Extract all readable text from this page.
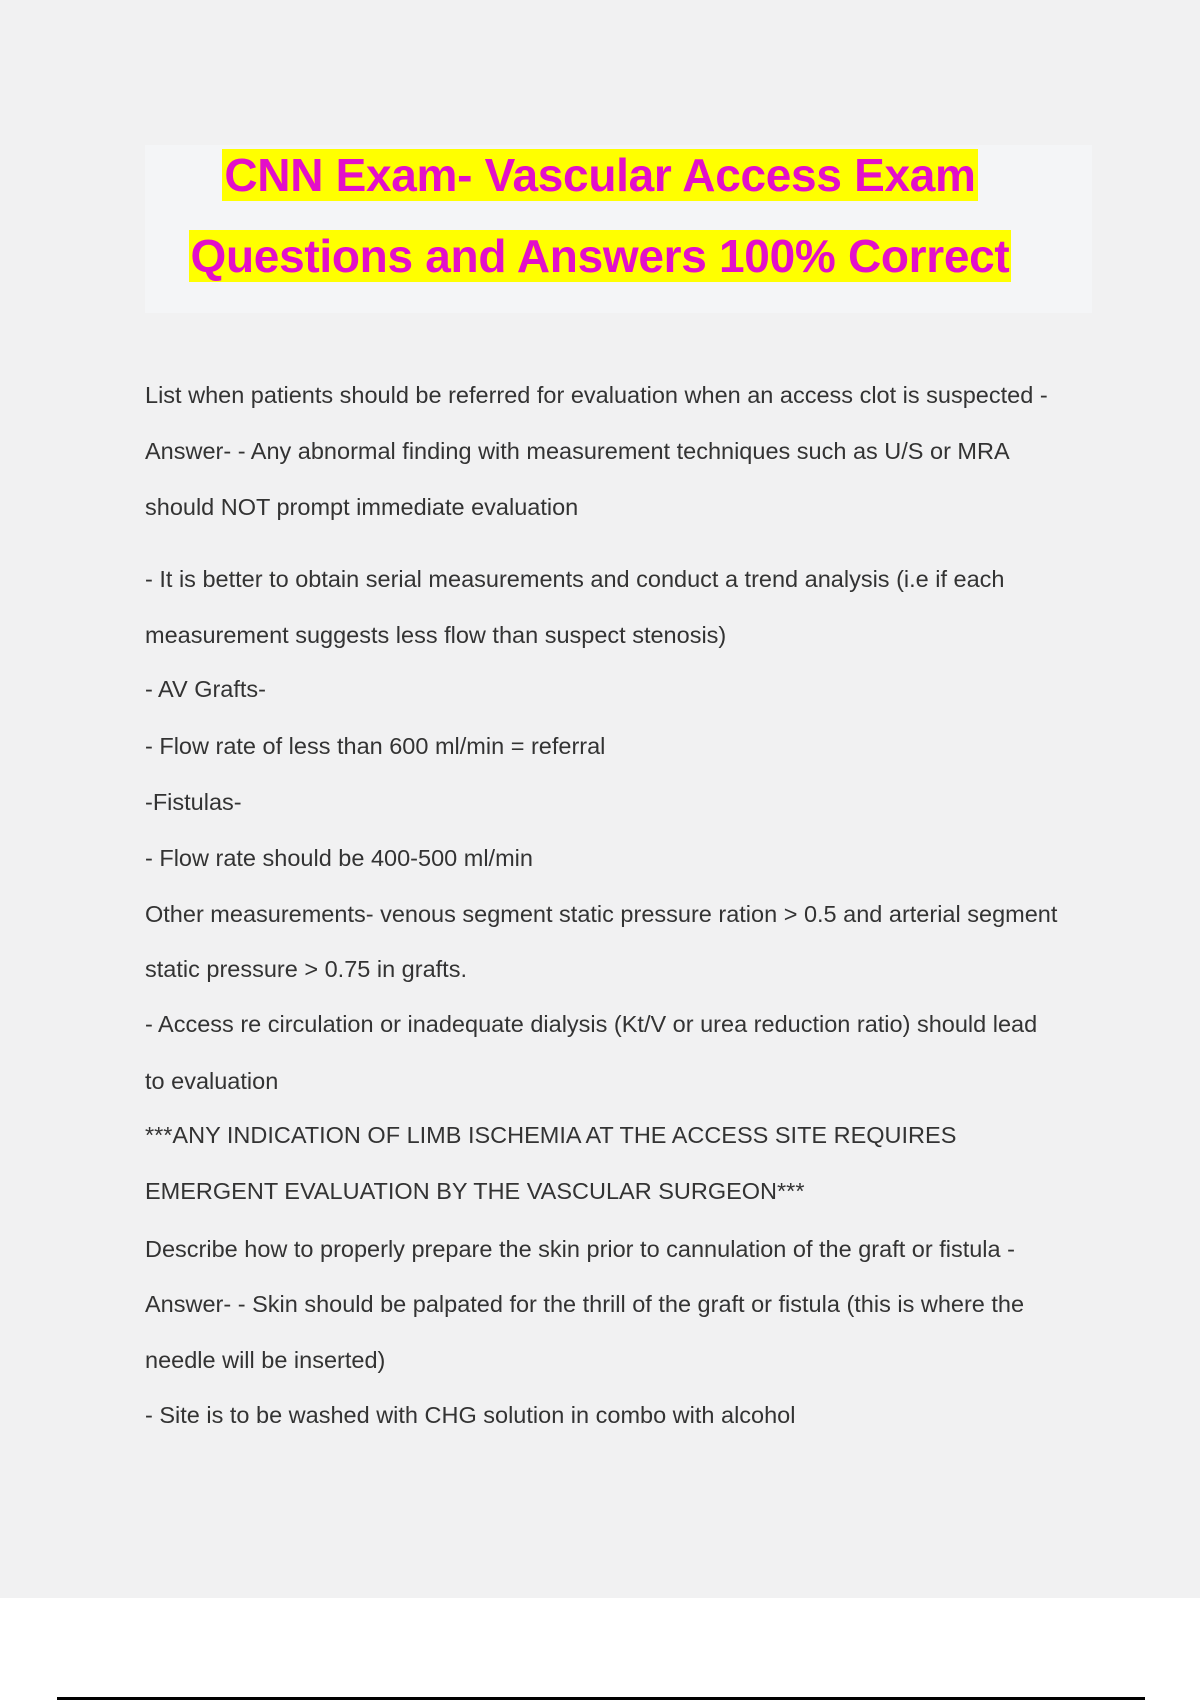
CNN Exam- Vascular Access Exam
Questions and Answers 100% Correct
List when patients should be referred for evaluation when an access clot is suspected -
Answer- - Any abnormal finding with measurement techniques such as U/S or MRA
should NOT prompt immediate evaluation
- It is better to obtain serial measurements and conduct a trend analysis (i.e if each
measurement suggests less flow than suspect stenosis)
- AV Grafts-
- Flow rate of less than 600 ml/min = referral
-Fistulas-
- Flow rate should be 400-500 ml/min
Other measurements- venous segment static pressure ration > 0.5 and arterial segment
static pressure > 0.75 in grafts.
- Access re circulation or inadequate dialysis (Kt/V or urea reduction ratio) should lead
to evaluation
***ANY INDICATION OF LIMB ISCHEMIA AT THE ACCESS SITE REQUIRES
EMERGENT EVALUATION BY THE VASCULAR SURGEON***
Describe how to properly prepare the skin prior to cannulation of the graft or fistula -
Answer- - Skin should be palpated for the thrill of the graft or fistula (this is where the
needle will be inserted)
- Site is to be washed with CHG solution in combo with alcohol
